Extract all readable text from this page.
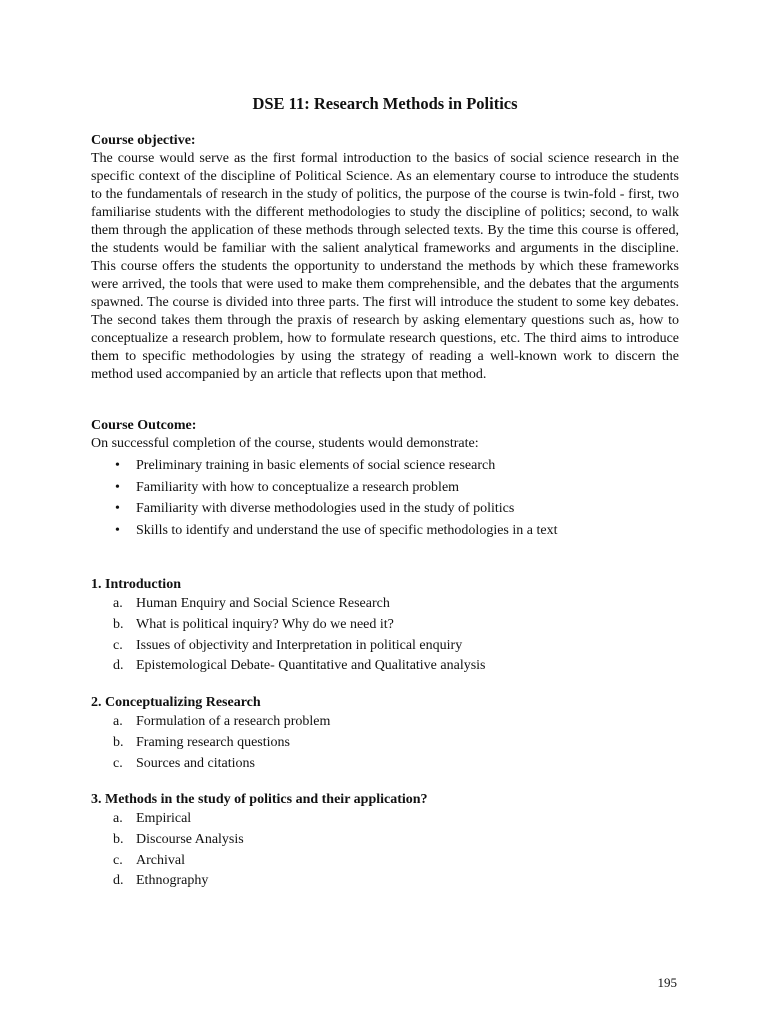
DSE 11: Research Methods in Politics
Course objective:

The course would serve as the first formal introduction to the basics of social science research in the specific context of the discipline of Political Science. As an elementary course to introduce the students to the fundamentals of research in the study of politics, the purpose of the course is twin-fold - first, two familiarise students with the different methodologies to study the discipline of politics; second, to walk them through the application of these methods through selected texts. By the time this course is offered, the students would be familiar with the salient analytical frameworks and arguments in the discipline. This course offers the students the opportunity to understand the methods by which these frameworks were arrived, the tools that were used to make them comprehensible, and the debates that the arguments spawned. The course is divided into three parts. The first will introduce the student to some key debates. The second takes them through the praxis of research by asking elementary questions such as, how to conceptualize a research problem, how to formulate research questions, etc. The third aims to introduce them to specific methodologies by using the strategy of reading a well-known work to discern the method used accompanied by an article that reflects upon that method.

Course Outcome:
On successful completion of the course, students would demonstrate:
• Preliminary training in basic elements of social science research
• Familiarity with how to conceptualize a research problem
• Familiarity with diverse methodologies used in the study of politics
• Skills to identify and understand the use of specific methodologies in a text
1. Introduction
a. Human Enquiry and Social Science Research
b. What is political inquiry? Why do we need it?
c. Issues of objectivity and Interpretation in political enquiry
d. Epistemological Debate- Quantitative and Qualitative analysis
2. Conceptualizing Research
a. Formulation of a research problem
b. Framing research questions
c. Sources and citations
3. Methods in the study of politics and their application?
a. Empirical
b. Discourse Analysis
c. Archival
d. Ethnography
195
